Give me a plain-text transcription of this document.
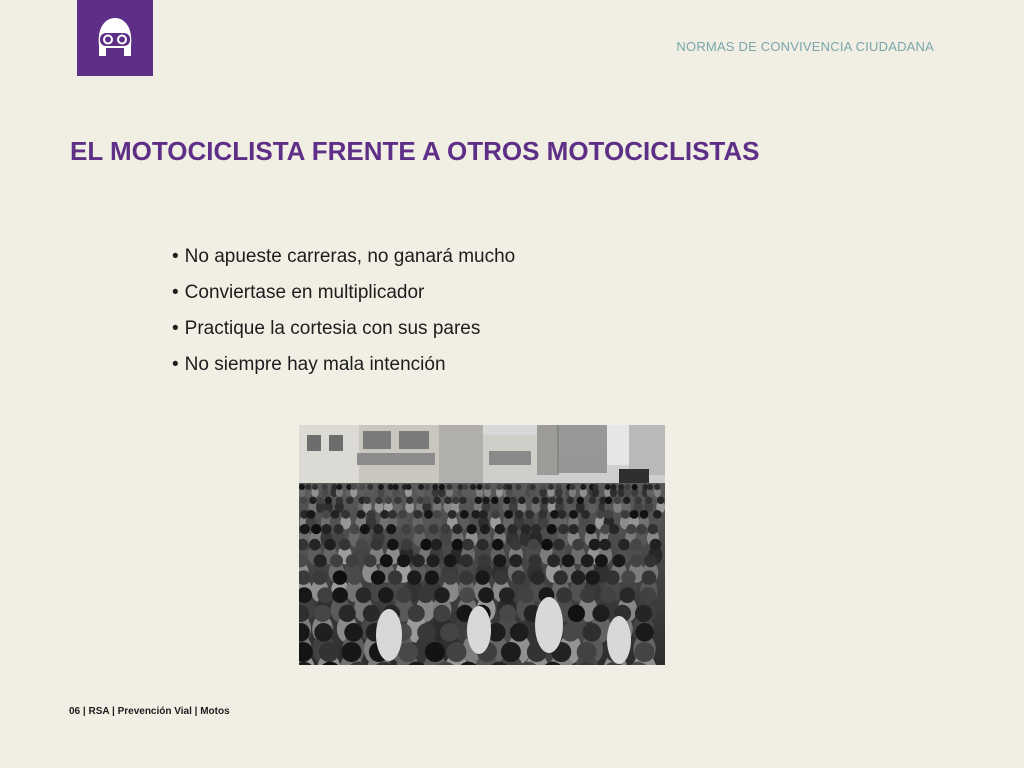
NORMAS DE CONVIVENCIA CIUDADANA
EL MOTOCICLISTA FRENTE A OTROS MOTOCICLISTAS
• No apueste carreras, no ganará mucho
• Conviertase en multiplicador
• Practique la cortesia con sus pares
• No siempre hay mala intención
06 | RSA | Prevención Vial | Motos
